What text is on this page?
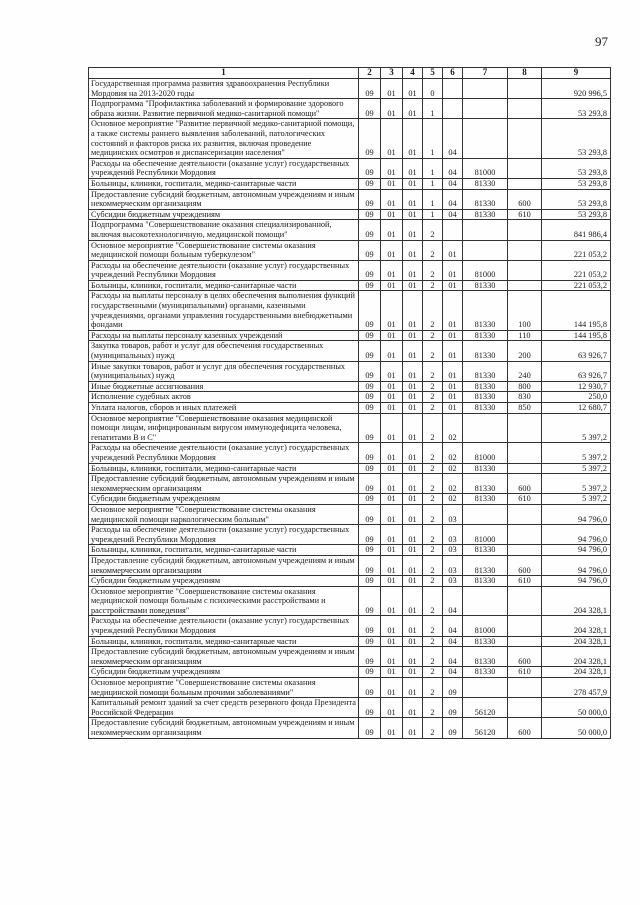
97
1	2	3	4	5	6	7	8	9
Государственная программа развития здравоохранения Республики Мордовия на 2013-2020 годы	09	01	01	0				920 996,5
Подпрограмма "Профилактика заболеваний и формирование здорового образа жизни. Развитие первичной медико-санитарной помощи"	09	01	01	1				53 293,8
Основное мероприятие "Развитие первичной медико-санитарной помощи, а также системы раннего выявления заболеваний, патологических состояний и факторов риска их развития, включая проведение медицинских осмотров и диспансеризации населения"	09	01	01	1	04			53 293,8
Расходы на обеспечение деятельности (оказание услуг) государственных учреждений Республики Мордовия	09	01	01	1	04	81000		53 293,8
Больницы, клиники, госпитали, медико-санитарные части	09	01	01	1	04	81330		53 293,8
Предоставление субсидий бюджетным, автономным учреждениям и иным некоммерческим организациям	09	01	01	1	04	81330	600	53 293,8
Субсидии бюджетным учреждениям	09	01	01	1	04	81330	610	53 293,8
Подпрограмма "Совершенствование оказания специализированной, включая высокотехнологичную, медицинской помощи"	09	01	01	2				841 986,4
Основное мероприятие "Совершенствование системы оказания медицинской помощи больным туберкулезом"	09	01	01	2	01			221 053,2
Расходы на обеспечение деятельности (оказание услуг) государственных учреждений Республики Мордовия	09	01	01	2	01	81000		221 053,2
Больницы, клиники, госпитали, медико-санитарные части	09	01	01	2	01	81330		221 053,2
Расходы на выплаты персоналу в целях обеспечения выполнения функций государственными (муниципальными) органами, казенными учреждениями, органами управления государственными внебюджетными фондами	09	01	01	2	01	81330	100	144 195,8
Расходы на выплаты персоналу казенных учреждений	09	01	01	2	01	81330	110	144 195,8
Закупка товаров, работ и услуг для обеспечения государственных (муниципальных) нужд	09	01	01	2	01	81330	200	63 926,7
Иные закупки товаров, работ и услуг для обеспечения государственных (муниципальных) нужд	09	01	01	2	01	81330	240	63 926,7
Иные бюджетные ассигнования	09	01	01	2	01	81330	800	12 930,7
Исполнение судебных актов	09	01	01	2	01	81330	830	250,0
Уплата налогов, сборов и иных платежей	09	01	01	2	01	81330	850	12 680,7
Основное мероприятие "Совершенствование оказания медицинской помощи лицам, инфицированным вирусом иммунодефицита человека, гепатитами В и С"	09	01	01	2	02			5 397,2
Расходы на обеспечение деятельности (оказание услуг) государственных учреждений Республики Мордовия	09	01	01	2	02	81000		5 397,2
Больницы, клиники, госпитали, медико-санитарные части	09	01	01	2	02	81330		5 397,2
Предоставление субсидий бюджетным, автономным учреждениям и иным некоммерческим организациям	09	01	01	2	02	81330	600	5 397,2
Субсидии бюджетным учреждениям	09	01	01	2	02	81330	610	5 397,2
Основное мероприятие "Совершенствование системы оказания медицинской помощи наркологическим больным"	09	01	01	2	03			94 796,0
Расходы на обеспечение деятельности (оказание услуг) государственных учреждений Республики Мордовия	09	01	01	2	03	81000		94 796,0
Больницы, клиники, госпитали, медико-санитарные части	09	01	01	2	03	81330		94 796,0
Предоставление субсидий бюджетным, автономным учреждениям и иным некоммерческим организациям	09	01	01	2	03	81330	600	94 796,0
Субсидии бюджетным учреждениям	09	01	01	2	03	81330	610	94 796,0
Основное мероприятие "Совершенствование системы оказания медицинской помощи больным с психическими расстройствами и расстройствами поведения"	09	01	01	2	04			204 328,1
Расходы на обеспечение деятельности (оказание услуг) государственных учреждений Республики Мордовия	09	01	01	2	04	81000		204 328,1
Больницы, клиники, госпитали, медико-санитарные части	09	01	01	2	04	81330		204 328,1
Предоставление субсидий бюджетным, автономным учреждениям и иным некоммерческим организациям	09	01	01	2	04	81330	600	204 328,1
Субсидии бюджетным учреждениям	09	01	01	2	04	81330	610	204 328,1
Основное мероприятие "Совершенствование системы оказания медицинской помощи больным прочими заболеваниями"	09	01	01	2	09			278 457,9
Капитальный ремонт зданий за счет средств резервного фонда Президента Российской Федерации	09	01	01	2	09	56120		50 000,0
Предоставление субсидий бюджетным, автономным учреждениям и иным некоммерческим организациям	09	01	01	2	09	56120	600	50 000,0
